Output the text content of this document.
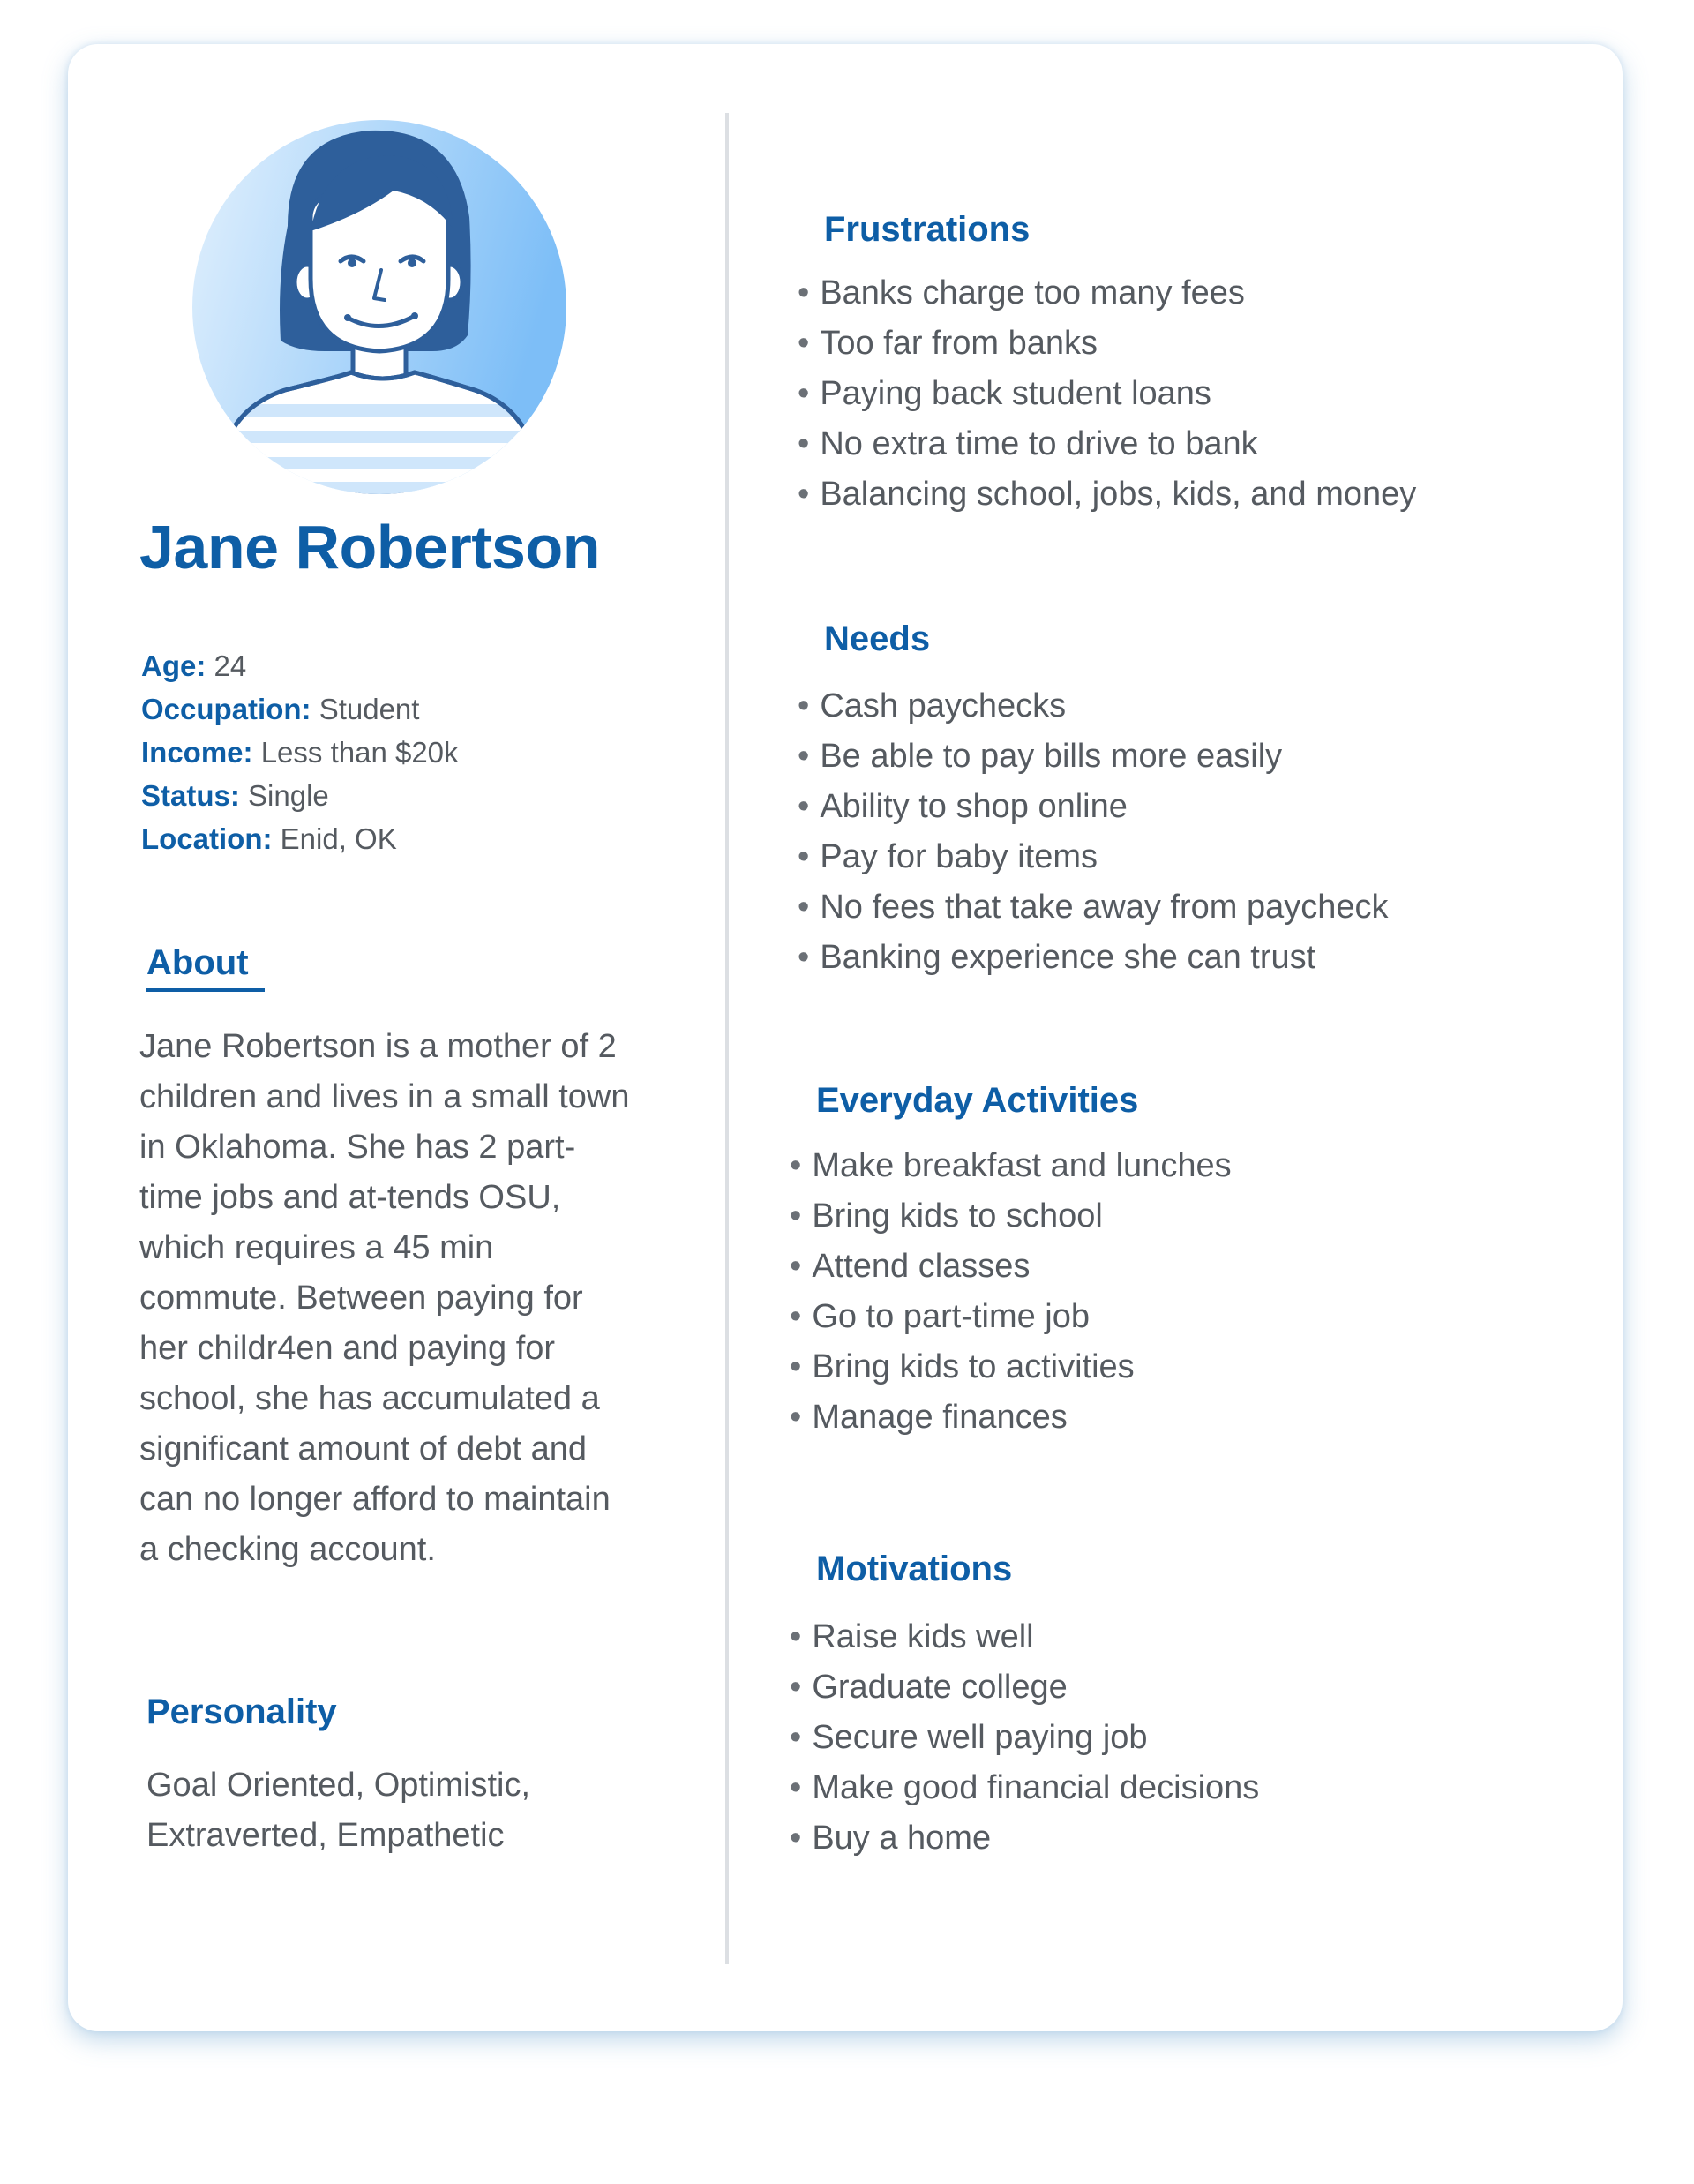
Jane Robertson
Age: 24
Occupation: Student
Income: Less than $20k
Status: Single
Location: Enid, OK
About
Jane Robertson is a mother of 2 children and lives in a small town in Oklahoma. She has 2 part-time jobs and at-tends OSU, which requires a 45 min commute. Between paying for her childr4en and paying for school, she has accumulated a significant amount of debt and can no longer afford to maintain a checking account.
Personality
Goal Oriented, Optimistic, Extraverted, Empathetic
Frustrations
• Banks charge too many fees
• Too far from banks
• Paying back student loans
• No extra time to drive to bank
• Balancing school, jobs, kids, and money
Needs
• Cash paychecks
• Be able to pay bills more easily
• Ability to shop online
• Pay for baby items
• No fees that take away from paycheck
• Banking experience she can trust
Everyday Activities
• Make breakfast and lunches
• Bring kids to school
• Attend classes
• Go to part-time job
• Bring kids to activities
• Manage finances
Motivations
• Raise kids well
• Graduate college
• Secure well paying job
• Make good financial decisions
• Buy a home
